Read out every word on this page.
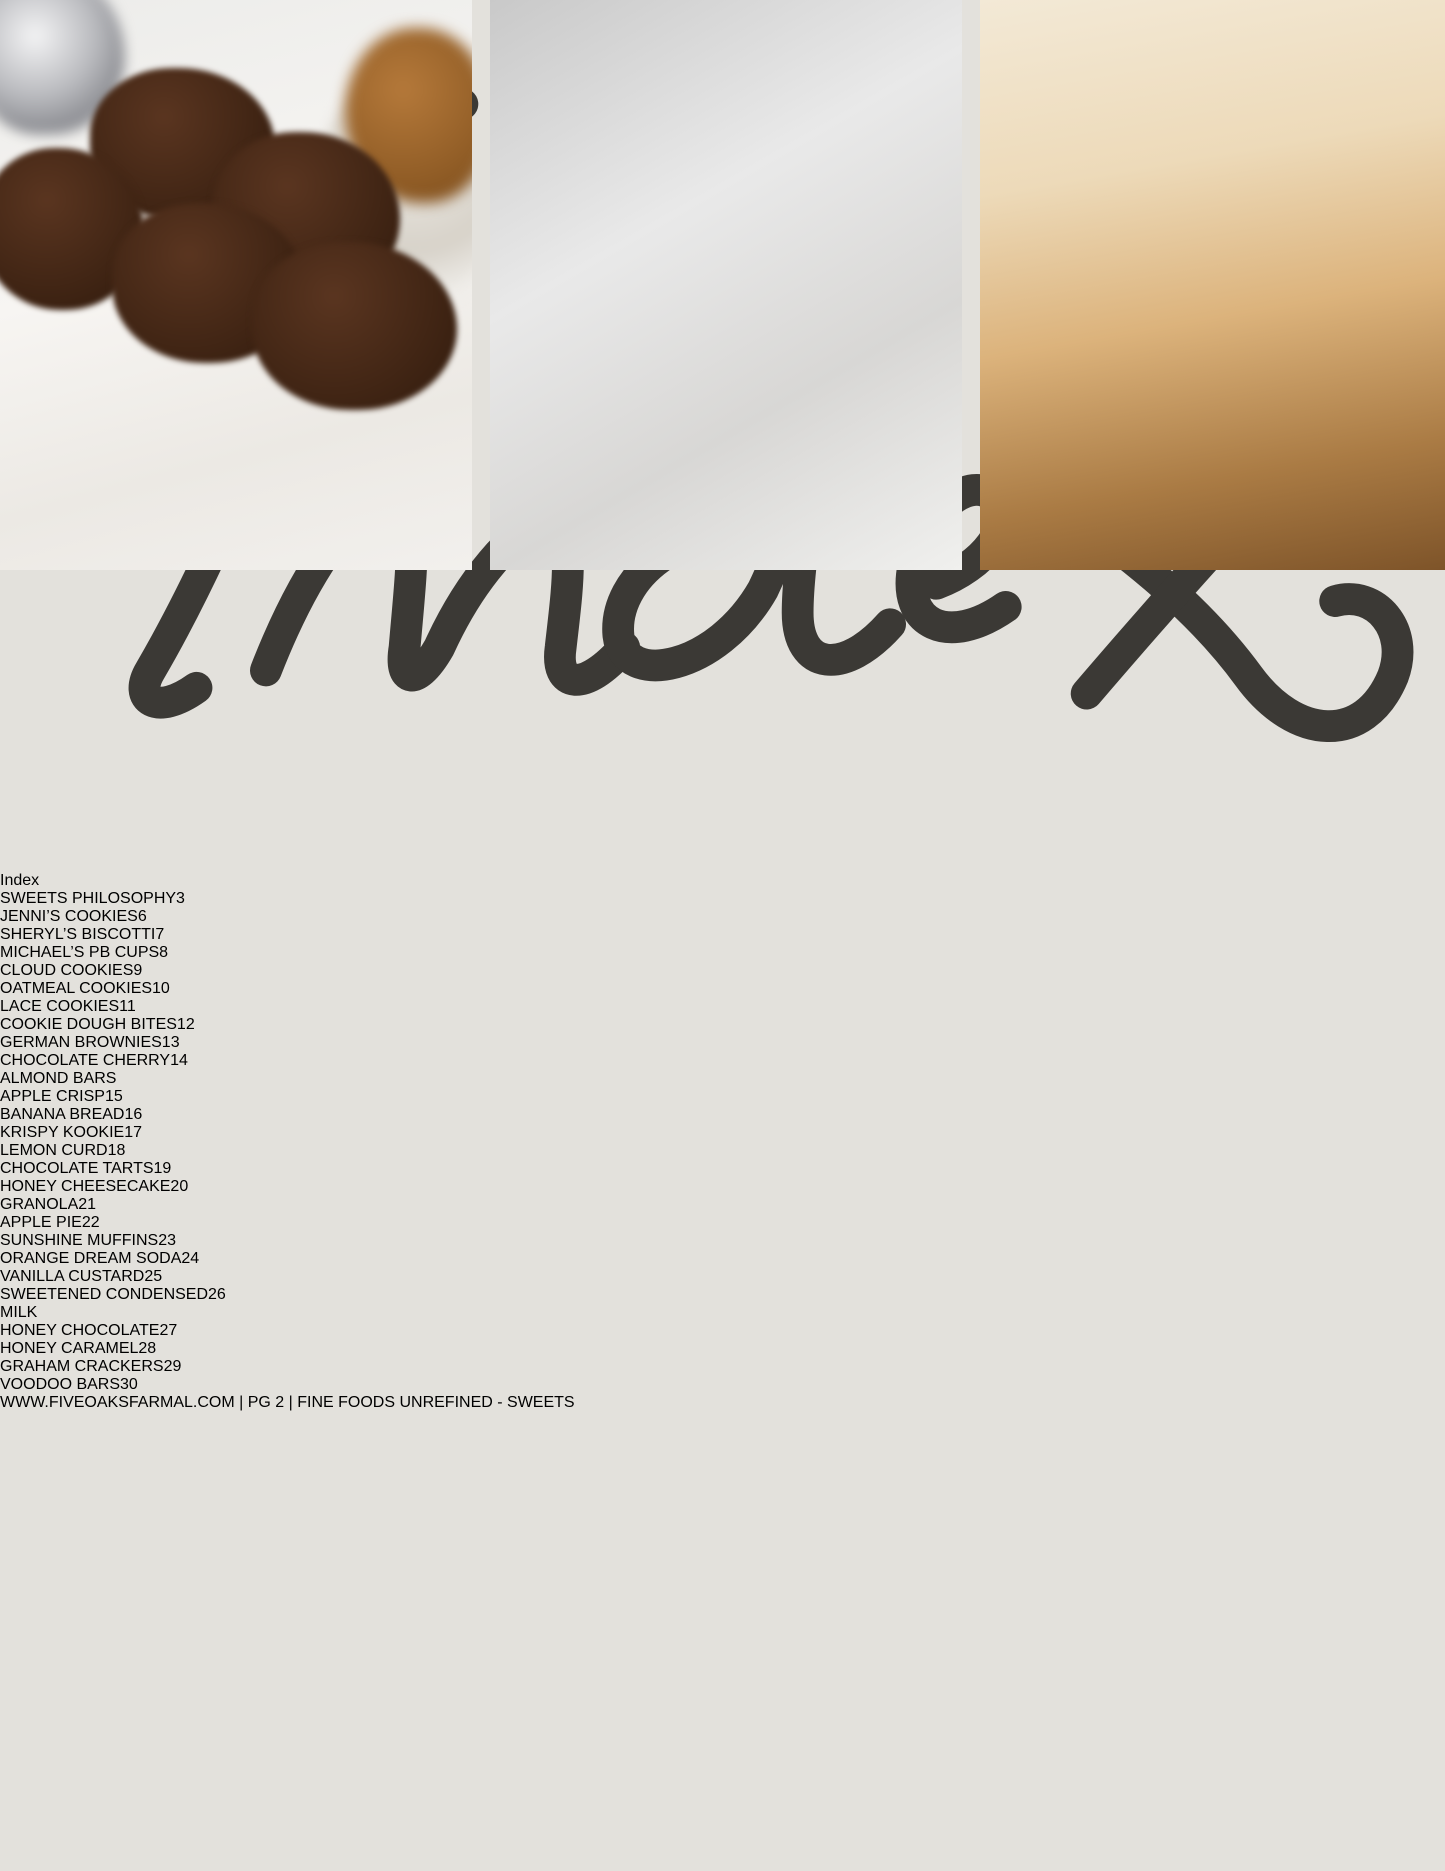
Index
SWEETS PHILOSOPHY3
JENNI’S COOKIES6
SHERYL’S BISCOTTI7
MICHAEL’S PB CUPS8
CLOUD COOKIES9
OATMEAL COOKIES10
LACE COOKIES11
COOKIE DOUGH BITES12
GERMAN BROWNIES13
CHOCOLATE CHERRY14
ALMOND BARS
APPLE CRISP15
BANANA BREAD16
KRISPY KOOKIE17
LEMON CURD18
CHOCOLATE TARTS19
HONEY CHEESECAKE20
GRANOLA21
APPLE PIE22
SUNSHINE MUFFINS23
ORANGE DREAM SODA24
VANILLA CUSTARD25
SWEETENED CONDENSED26
MILK
HONEY CHOCOLATE27
HONEY CARAMEL28
GRAHAM CRACKERS29
VOODOO BARS30
WWW.FIVEOAKSFARMAL.COM | PG 2 | FINE FOODS UNREFINED - SWEETS
